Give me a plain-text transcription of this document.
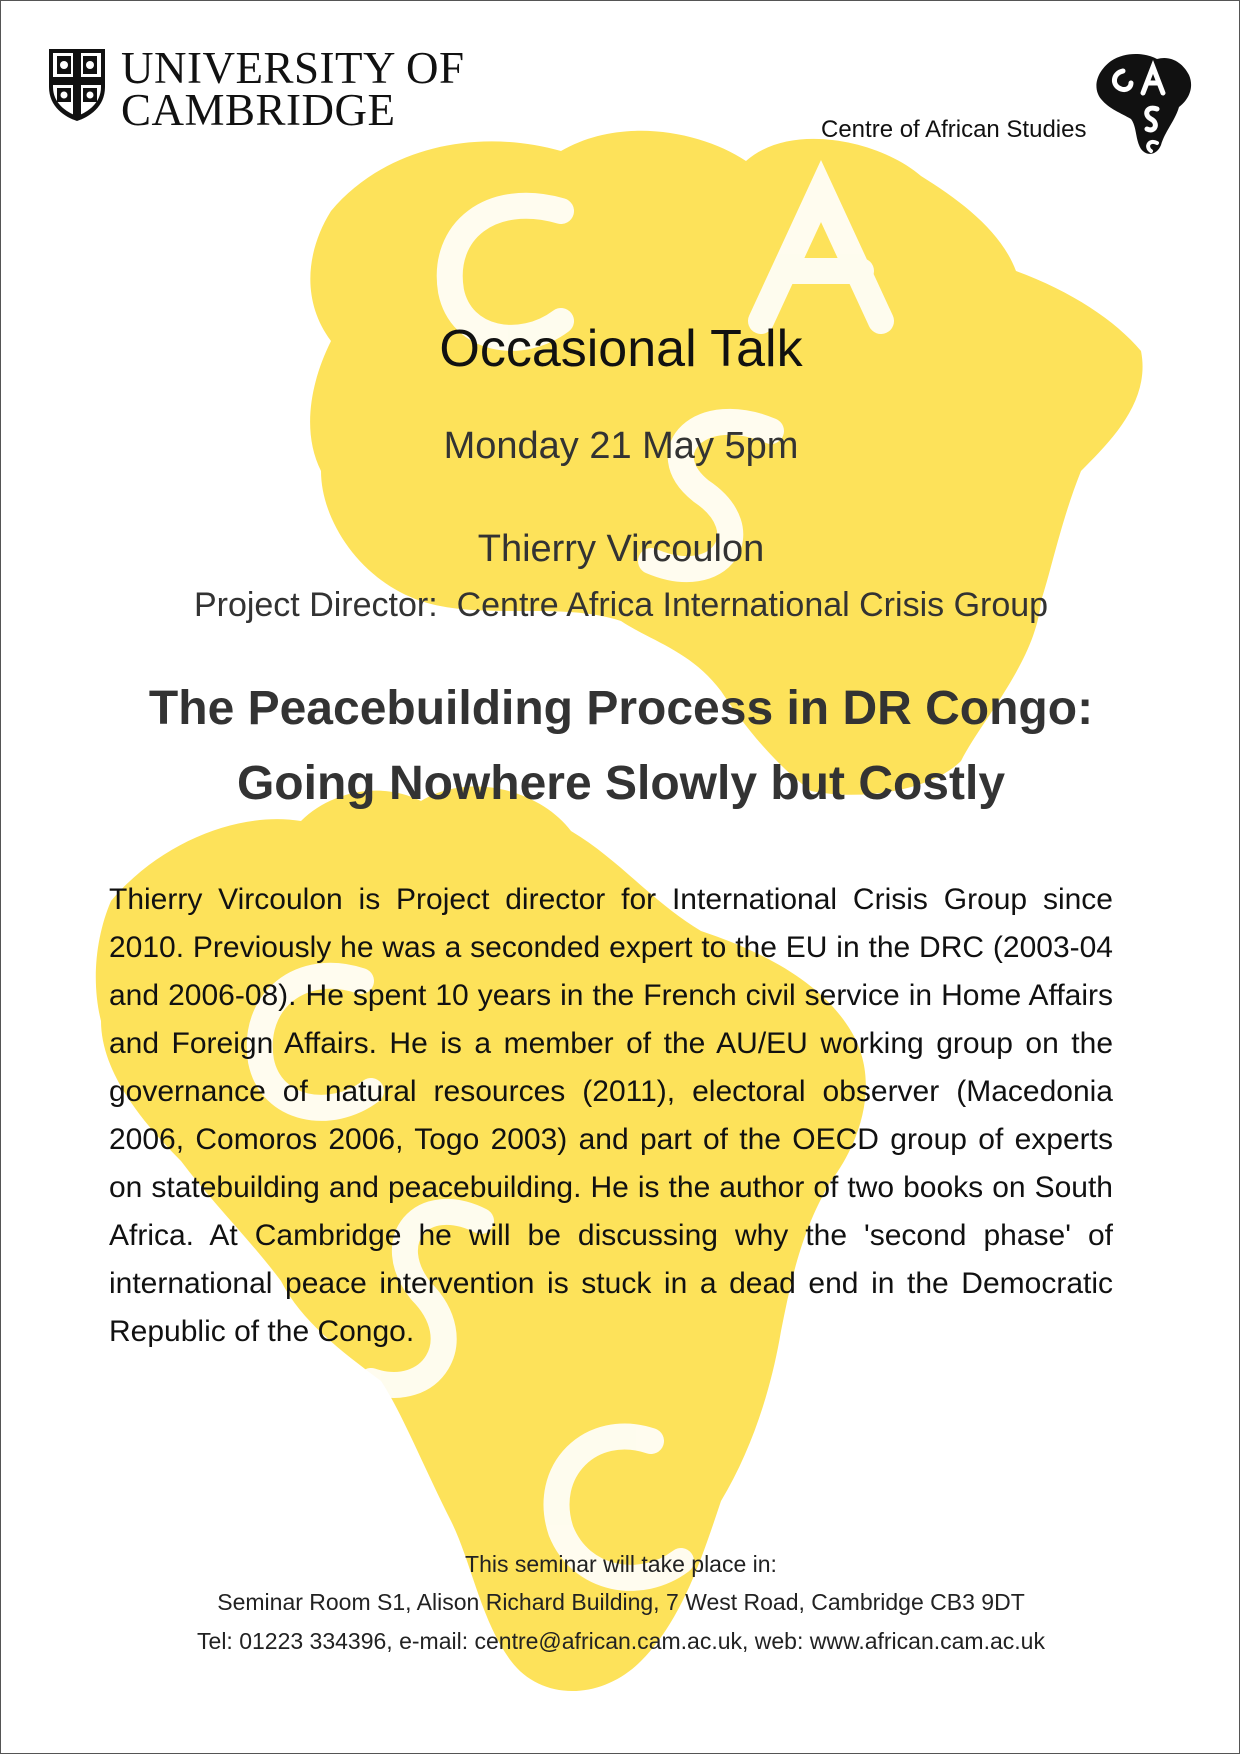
UNIVERSITY OF
CAMBRIDGE	Centre of African Studies
Occasional Talk
Monday 21 May 5pm
Thierry Vircoulon
Project Director: Centre Africa International Crisis Group
The Peacebuilding Process in DR Congo:
Going Nowhere Slowly but Costly
Thierry Vircoulon is Project director for International Crisis Group since 2010. Previously he was a seconded expert to the EU in the DRC (2003-04 and 2006-08). He spent 10 years in the French civil service in Home Affairs and Foreign Affairs. He is a member of the AU/EU working group on the governance of natural resources (2011), electoral observer (Macedonia 2006, Comoros 2006, Togo 2003) and part of the OECD group of experts on statebuilding and peacebuilding. He is the author of two books on South Africa. At Cambridge he will be discussing why the 'second phase' of international peace intervention is stuck in a dead end in the Democratic Republic of the Congo.
This seminar will take place in:
Seminar Room S1, Alison Richard Building, 7 West Road, Cambridge CB3 9DT
Tel: 01223 334396, e-mail: centre@african.cam.ac.uk, web: www.african.cam.ac.uk
